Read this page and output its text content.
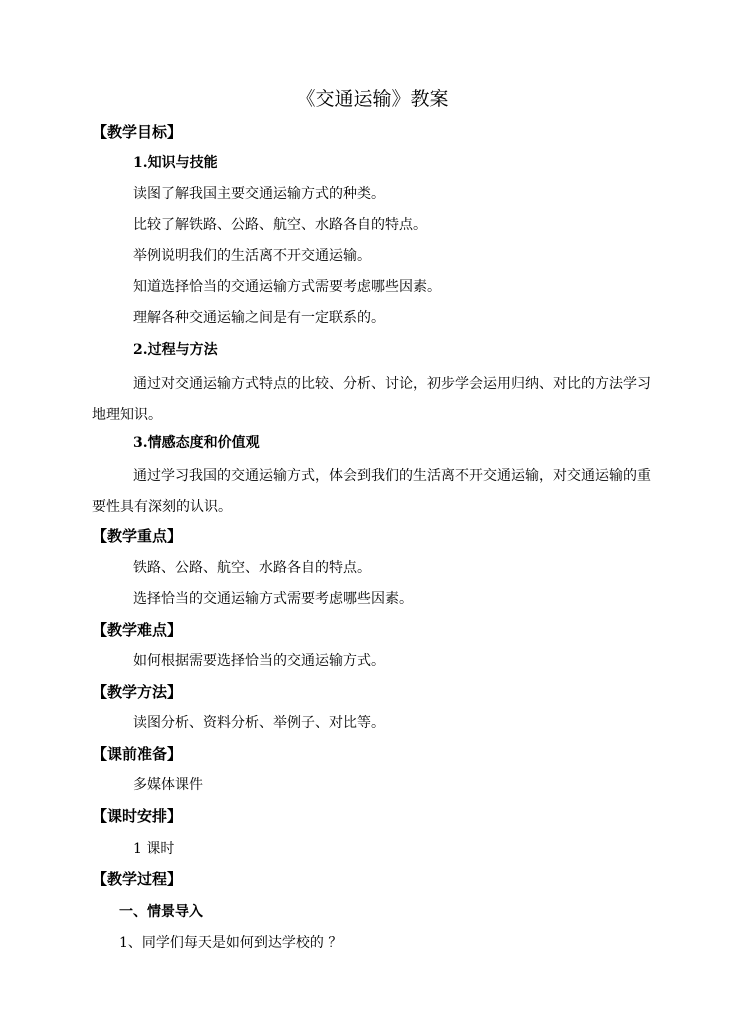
《交通运输》教案
【教学目标】
1.知识与技能
读图了解我国主要交通运输方式的种类。
比较了解铁路、公路、航空、水路各自的特点。
举例说明我们的生活离不开交通运输。
知道选择恰当的交通运输方式需要考虑哪些因素。
理解各种交通运输之间是有一定联系的。
2.过程与方法
通过对交通运输方式特点的比较、分析、讨论，初步学会运用归纳、对比的方法学习地理知识。
3.情感态度和价值观
通过学习我国的交通运输方式，体会到我们的生活离不开交通运输，对交通运输的重要性具有深刻的认识。
【教学重点】
铁路、公路、航空、水路各自的特点。
选择恰当的交通运输方式需要考虑哪些因素。
【教学难点】
如何根据需要选择恰当的交通运输方式。
【教学方法】
读图分析、资料分析、举例子、对比等。
【课前准备】
多媒体课件
【课时安排】
1 课时
【教学过程】
一、情景导入
1、同学们每天是如何到达学校的 ？
